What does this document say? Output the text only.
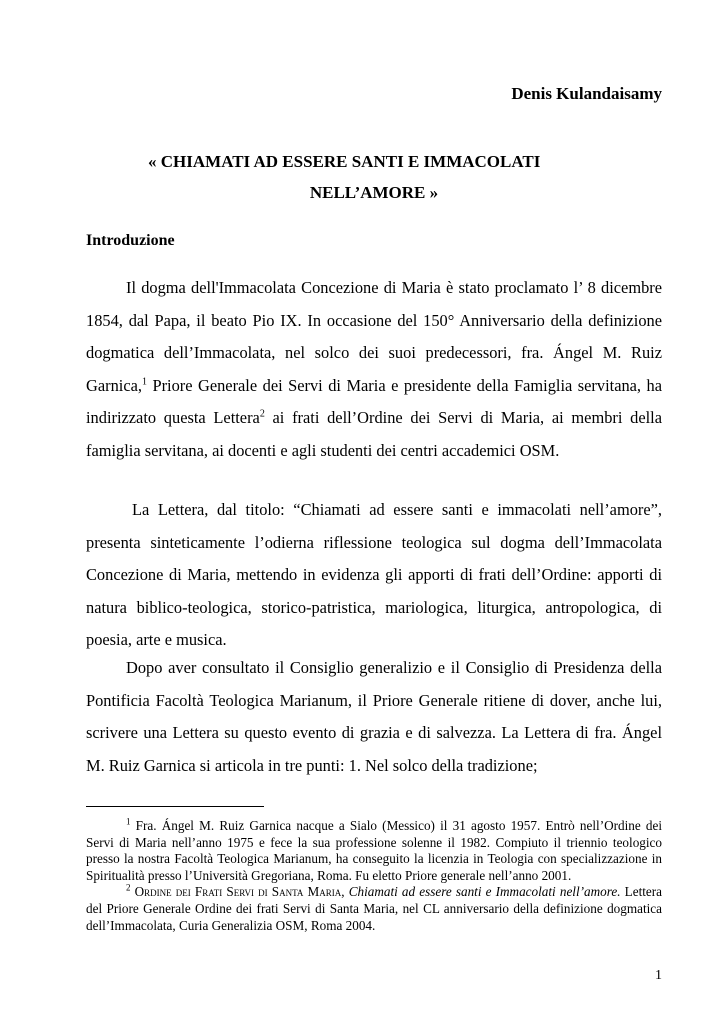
Denis Kulandaisamy
« CHIAMATI AD ESSERE SANTI E IMMACOLATI
NELL’AMORE »
Introduzione

Il dogma dell'Immacolata Concezione di Maria è stato proclamato l’ 8 dicembre 1854, dal Papa, il beato Pio IX. In occasione del 150° Anniversario della definizione dogmatica dell’Immacolata, nel solco dei suoi predecessori, fra. Ángel M. Ruiz Garnica,$^1$ Priore Generale dei Servi di Maria e presidente della Famiglia servitana, ha indirizzato questa Lettera$^2$ ai frati dell’Ordine dei Servi di Maria, ai membri della famiglia servitana, ai docenti e agli studenti dei centri accademici OSM.

La Lettera, dal titolo: “Chiamati ad essere santi e immacolati nell’amore”, presenta sinteticamente l’odierna riflessione teologica sul dogma dell’Immacolata Concezione di Maria, mettendo in evidenza gli apporti di frati dell’Ordine: apporti di natura biblico-teologica, storico-patristica, mariologica, liturgica, antropologica, di poesia, arte e musica.

Dopo aver consultato il Consiglio generalizio e il Consiglio di Presidenza della Pontificia Facoltà Teologica Marianum, il Priore Generale ritiene di dover, anche lui, scrivere una Lettera su questo evento di grazia e di salvezza. La Lettera di fra. Ángel M. Ruiz Garnica si articola in tre punti: 1. Nel solco della tradizione;

$^1$ Fra. Ángel M. Ruiz Garnica nacque a Sialo (Messico) il 31 agosto 1957. Entrò nell’Ordine dei Servi di Maria nell’anno 1975 e fece la sua professione solenne il 1982. Compiuto il triennio teologico presso la nostra Facoltà Teologica Marianum, ha conseguito la licenzia in Teologia con specializzazione in Spiritualità presso l’Università Gregoriana, Roma. Fu eletto Priore generale nell’anno 2001.

$^2$ Ordine dei Frati Servi di Santa Maria, Chiamati ad essere santi e Immacolati nell’amore. Lettera del Priore Generale Ordine dei frati Servi di Santa Maria, nel CL anniversario della definizione dogmatica dell’Immacolata, Curia Generalizia OSM, Roma 2004.

1
